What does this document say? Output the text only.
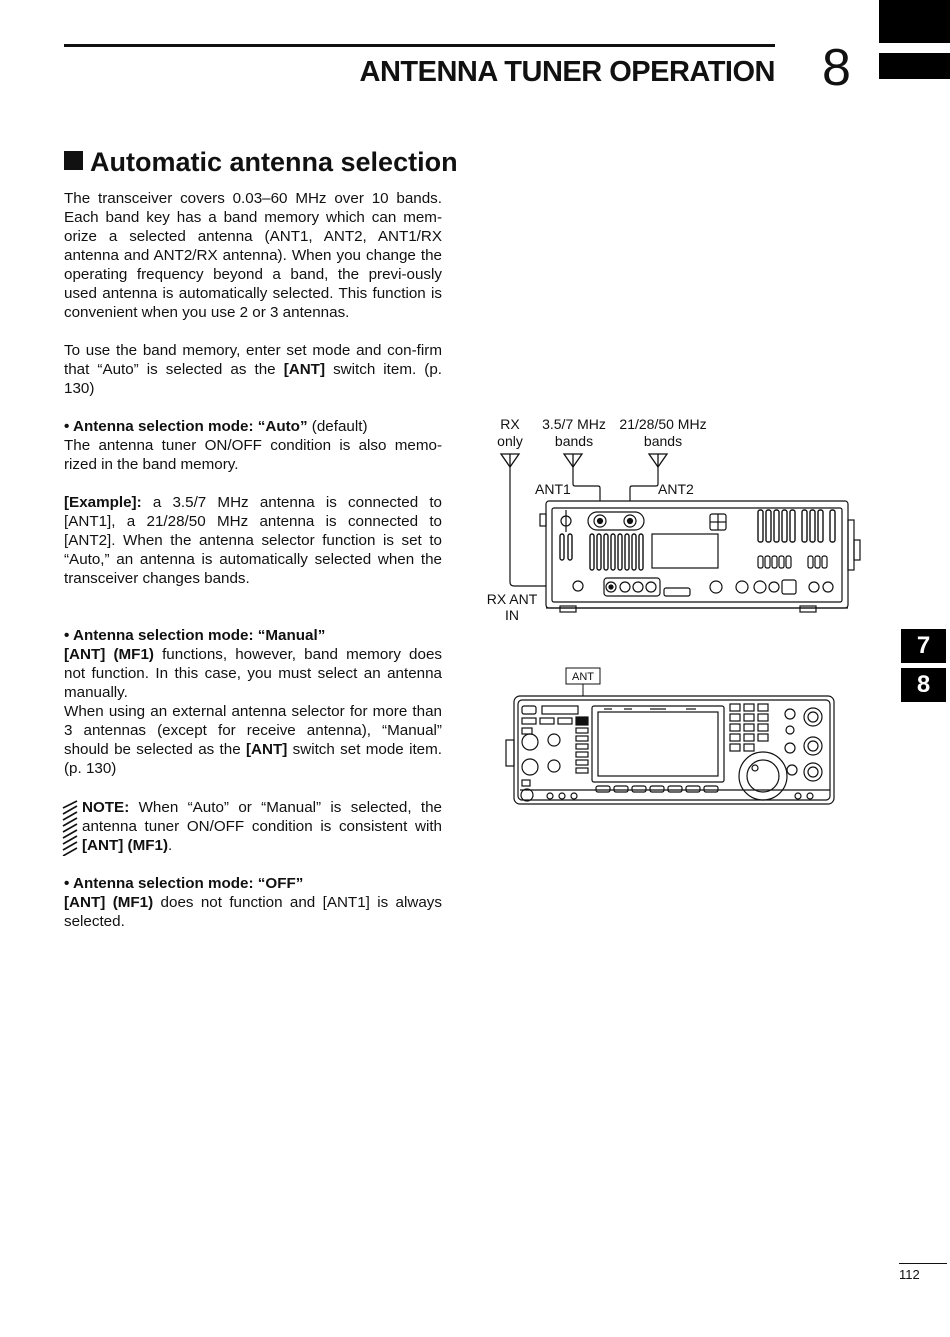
ANTENNA TUNER OPERATION 8
Automatic antenna selection

The transceiver covers 0.03–60 MHz over 10 bands. Each band key has a band memory which can mem-orize a selected antenna (ANT1, ANT2, ANT1/RX antenna and ANT2/RX antenna). When you change the operating frequency beyond a band, the previ-ously used antenna is automatically selected. This function is convenient when you use 2 or 3 antennas.

To use the band memory, enter set mode and con-firm that “Auto” is selected as the [ANT] switch item. (p. 130)

• Antenna selection mode: “Auto” (default)

The antenna tuner ON/OFF condition is also memo-rized in the band memory.

[Example]: a 3.5/7 MHz antenna is connected to [ANT1], a 21/28/50 MHz antenna is connected to [ANT2]. When the antenna selector function is set to “Auto,” an antenna is automatically selected when the transceiver changes bands.

• Antenna selection mode: “Manual”

[ANT] (MF1) functions, however, band memory does not function. In this case, you must select an antenna manually.

When using an external antenna selector for more than 3 antennas (except for receive antenna), “Manual” should be selected as the [ANT] switch set mode item. (p. 130)

NOTE: When “Auto” or “Manual” is selected, the antenna tuner ON/OFF condition is consistent with [ANT] (MF1).

• Antenna selection mode: “OFF”

[ANT] (MF1) does not function and [ANT1] is always selected.

RX
only
3.5/7 MHz
bands
21/28/50 MHz
bands
ANT1	ANT2
RX ANT
IN
ANT
7
8
112
